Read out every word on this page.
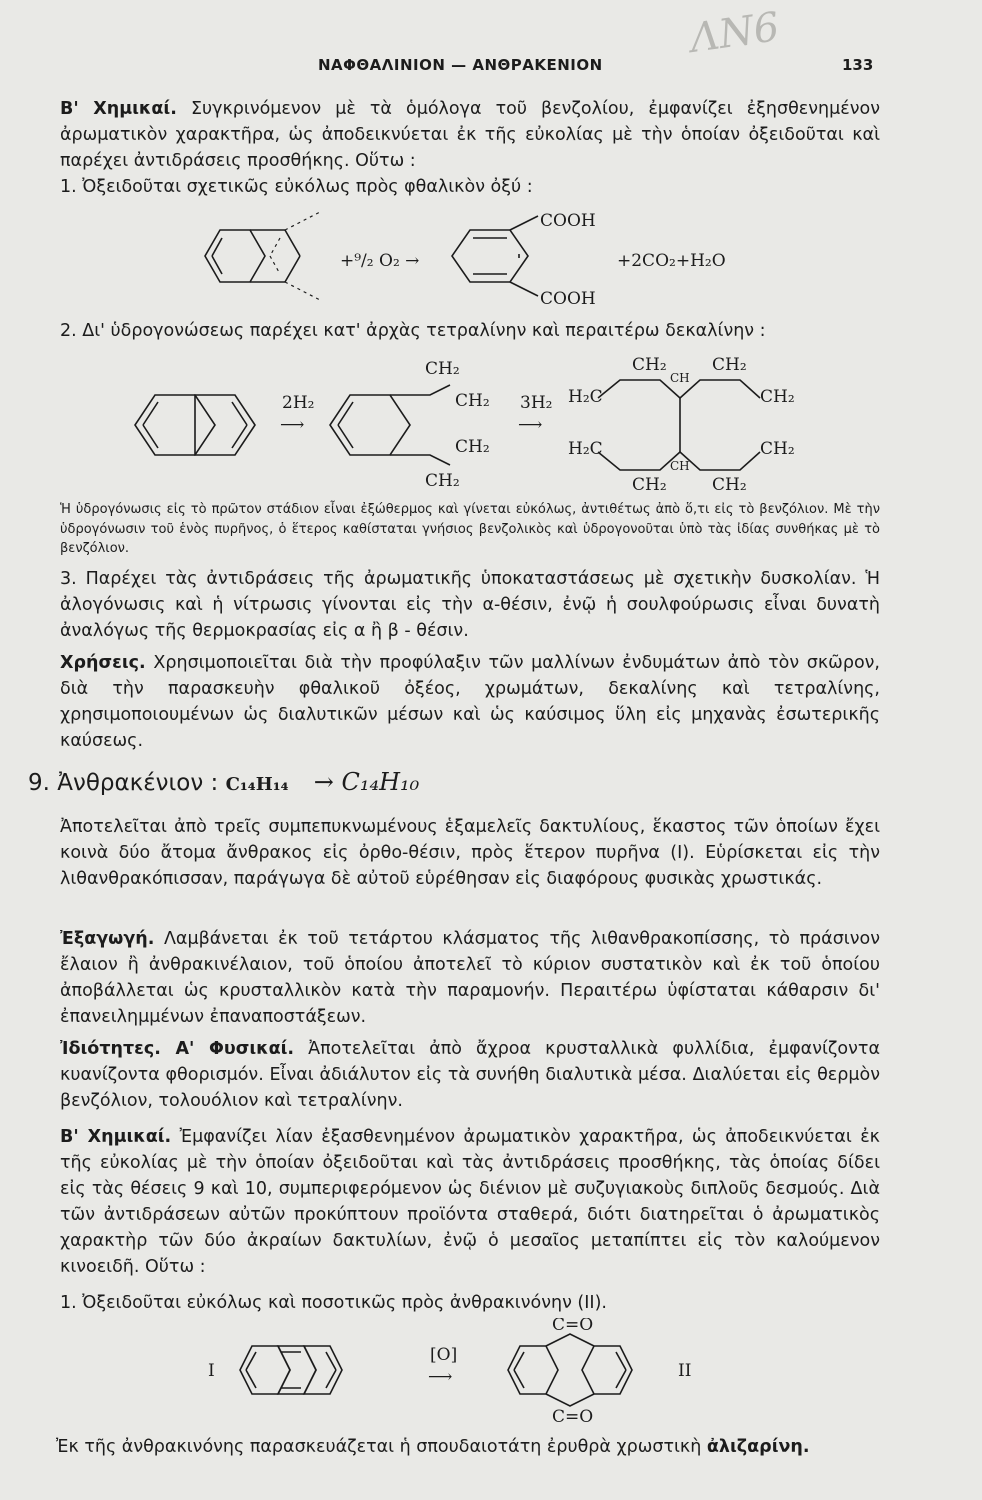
ΛΝ6
ΝΑΦΘΑΛΙΝΙΟΝ — ΑΝΘΡΑΚΕΝΙΟΝ	133
Β' Χημικαί. Συγκρινόμενον μὲ τὰ ὁμόλογα τοῦ βενζολίου, ἐμφανίζει ἐξησθενημένον ἀρωματικὸν χαρακτῆρα, ὡς ἀποδεικνύεται ἐκ τῆς εὐκολίας μὲ τὴν ὁποίαν ὀξειδοῦται καὶ παρέχει ἀντιδράσεις προσθήκης. Οὕτω :
1. Ὀξειδοῦται σχετικῶς εὐκόλως πρὸς φθαλικὸν ὀξύ :
+⁹/₂ O₂ →
COOH
COOH
+2CO₂+H₂O
2. Δι' ὑδρογονώσεως παρέχει κατ' ἀρχὰς τετραλίνην καὶ περαιτέρω δεκαλίνην :
2H₂
⟶
CH₂
CH₂
CH₂
CH₂
3H₂
⟶
CH₂	CH₂
CH
H₂C
H₂C
CH₂
CH₂
CH
CH₂	CH₂
Ἡ ὑδρογόνωσις εἰς τὸ πρῶτον στάδιον εἶναι ἐξώθερμος καὶ γίνεται εὐκόλως, ἀντιθέτως ἀπὸ ὅ,τι εἰς τὸ βενζόλιον. Μὲ τὴν ὑδρογόνωσιν τοῦ ἑνὸς πυρῆνος, ὁ ἕτερος καθίσταται γνήσιος βενζολικὸς καὶ ὑδρογονοῦται ὑπὸ τὰς ἰδίας συνθήκας μὲ τὸ βενζόλιον.
3. Παρέχει τὰς ἀντιδράσεις τῆς ἀρωματικῆς ὑποκαταστάσεως μὲ σχετικὴν δυσκολίαν. Ἡ ἀλογόνωσις καὶ ἡ νίτρωσις γίνονται εἰς τὴν α-θέσιν, ἐνῷ ἡ σουλφούρωσις εἶναι δυνατὴ ἀναλόγως τῆς θερμοκρασίας εἰς α ἢ β - θέσιν.
Χρήσεις. Χρησιμοποιεῖται διὰ τὴν προφύλαξιν τῶν μαλλίνων ἐνδυμάτων ἀπὸ τὸν σκῶρον, διὰ τὴν παρασκευὴν φθαλικοῦ ὀξέος, χρωμάτων, δεκαλίνης καὶ τετραλίνης, χρησιμοποιουμένων ὡς διαλυτικῶν μέσων καὶ ὡς καύσιμος ὕλη εἰς μηχανὰς ἐσωτερικῆς καύσεως.
9. Ἀνθρακένιον : C₁₄H₁₄ → C₁₄H₁₀
Ἀποτελεῖται ἀπὸ τρεῖς συμπεπυκνωμένους ἑξαμελεῖς δακτυλίους, ἕκαστος τῶν ὁποίων ἔχει κοινὰ δύο ἄτομα ἄνθρακος εἰς ὀρθο-θέσιν, πρὸς ἕτερον πυρῆνα (I). Εὑρίσκεται εἰς τὴν λιθανθρακόπισσαν, παράγωγα δὲ αὐτοῦ εὑρέθησαν εἰς διαφόρους φυσικὰς χρωστικάς.
Ἐξαγωγή. Λαμβάνεται ἐκ τοῦ τετάρτου κλάσματος τῆς λιθανθρακοπίσσης, τὸ πράσινον ἔλαιον ἢ ἀνθρακινέλαιον, τοῦ ὁποίου ἀποτελεῖ τὸ κύριον συστατικὸν καὶ ἐκ τοῦ ὁποίου ἀποβάλλεται ὡς κρυσταλλικὸν κατὰ τὴν παραμονήν. Περαιτέρω ὑφίσταται κάθαρσιν δι' ἐπανειλημμένων ἐπαναποστάξεων.
Ἰδιότητες. Α' Φυσικαί. Ἀποτελεῖται ἀπὸ ἄχροα κρυσταλλικὰ φυλλίδια, ἐμφανίζοντα κυανίζοντα φθορισμόν. Εἶναι ἀδιάλυτον εἰς τὰ συνήθη διαλυτικὰ μέσα. Διαλύεται εἰς θερμὸν βενζόλιον, τολουόλιον καὶ τετραλίνην.
Β' Χημικαί. Ἐμφανίζει λίαν ἐξασθενημένον ἀρωματικὸν χαρακτῆρα, ὡς ἀποδεικνύεται ἐκ τῆς εὐκολίας μὲ τὴν ὁποίαν ὀξειδοῦται καὶ τὰς ἀντιδράσεις προσθήκης, τὰς ὁποίας δίδει εἰς τὰς θέσεις 9 καὶ 10, συμπεριφερόμενον ὡς διένιον μὲ συζυγιακοὺς διπλοῦς δεσμούς. Διὰ τῶν ἀντιδράσεων αὐτῶν προκύπτουν προϊόντα σταθερά, διότι διατηρεῖται ὁ ἀρωματικὸς χαρακτὴρ τῶν δύο ἀκραίων δακτυλίων, ἐνῷ ὁ μεσαῖος μεταπίπτει εἰς τὸν καλούμενον κινοειδῆ. Οὕτω :
1. Ὀξειδοῦται εὐκόλως καὶ ποσοτικῶς πρὸς ἀνθρακινόνην (II).
I
[O]
⟶
C=O
C=O
II
Ἐκ τῆς ἀνθρακινόνης παρασκευάζεται ἡ σπουδαιοτάτη ἐρυθρὰ χρωστικὴ ἀλιζαρίνη.
